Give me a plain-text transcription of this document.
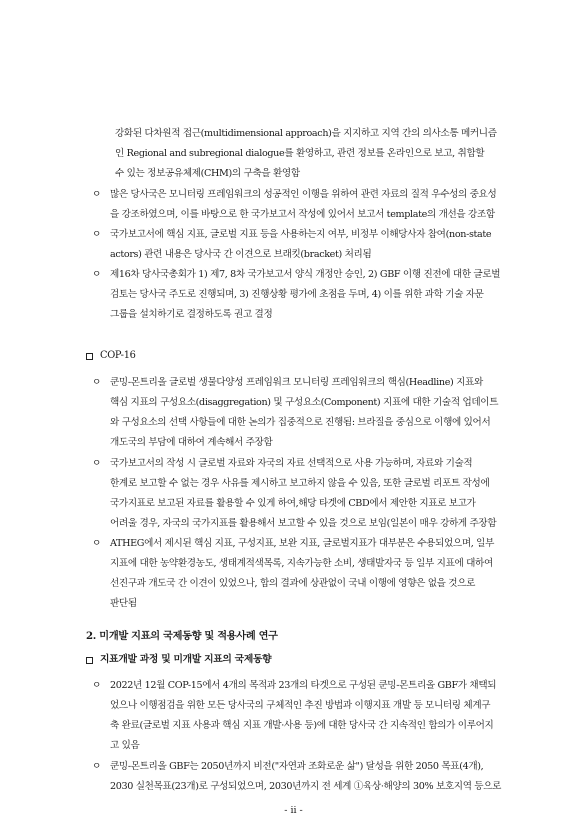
강화된 다차원적 접근(multidimensional approach)을 지지하고 지역 간의 의사소통 메커니즘
인 Regional and subregional dialogue를 환영하고, 관련 정보를 온라인으로 보고, 취합할
수 있는 정보공유체제(CHM)의 구축을 환영함
ㅇ 많은 당사국은 모니터링 프레임워크의 성공적인 이행을 위하여 관련 자료의 질적 우수성의 중요성
을 강조하였으며, 이를 바탕으로 한 국가보고서 작성에 있어서 보고서 template의 개선을 강조함
ㅇ 국가보고서에 핵심 지표, 글로벌 지표 등을 사용하는지 여부, 비정부 이해당사자 참여(non-state
actors) 관련 내용은 당사국 간 이견으로 브래킷(bracket) 처리됨
ㅇ 제16차 당사국총회가 1) 제7, 8차 국가보고서 양식 개정안 승인, 2) GBF 이행 진전에 대한 글로벌
검토는 당사국 주도로 진행되며, 3) 진행상황 평가에 초점을 두며, 4) 이를 위한 과학 기술 자문
그룹을 설치하기로 결정하도록 권고 결정
COP-16
ㅇ 쿤밍-몬트리올 글로벌 생물다양성 프레임워크 모니터링 프레임워크의 핵심(Headline) 지표와
핵심 지표의 구성요소(disaggregation) 및 구성요소(Component) 지표에 대한 기술적 업데이트
와 구성요소의 선택 사항들에 대한 논의가 집중적으로 진행됨: 브라질을 중심으로 이행에 있어서
개도국의 부담에 대하여 계속해서 주장함
ㅇ 국가보고서의 작성 시 글로벌 자료와 자국의 자료 선택적으로 사용 가능하며, 자료와 기술적
한계로 보고할 수 없는 경우 사유를 제시하고 보고하지 않을 수 있음, 또한 글로벌 리포트 작성에
국가지표로 보고된 자료를 활용할 수 있게 하여,해당 타겟에 CBD에서 제안한 지표로 보고가
어려울 경우, 자국의 국가지표를 활용해서 보고할 수 있을 것으로 보임(일본이 매우 강하게 주장함
ㅇ ATHEG에서 제시된 핵심 지표, 구성지표, 보완 지표, 글로벌지표가 대부분은 수용되었으며, 일부
지표에 대한 농약환경농도, 생태계적색목록, 지속가능한 소비, 생태발자국 등 일부 지표에 대하여
선진구과 개도국 간 이견이 있었으나, 합의 결과에 상관없이 국내 이행에 영향은 없을 것으로
판단됨
2. 미개발 지표의 국제동향 및 적용사례 연구
지표개발 과정 및 미개발 지표의 국제동향
ㅇ 2022년 12월 COP-15에서 4개의 목적과 23개의 타겟으로 구성된 쿤밍-몬트리올 GBF가 채택되
었으나 이행점검을 위한 모든 당사국의 구체적인 추진 방법과 이행지표 개발 등 모니터링 체계구
축 완료(글로벌 지표 사용과 핵심 지표 개발·사용 등)에 대한 당사국 간 지속적인 합의가 이루어지
고 있음
ㅇ 쿤밍-몬트리올 GBF는 2050년까지 비전("자연과 조화로운 삶") 달성을 위한 2050 목표(4개),
2030 실천목표(23개)로 구성되었으며, 2030년까지 전 세계 ①육상·해양의 30% 보호지역 등으로
- ii -
